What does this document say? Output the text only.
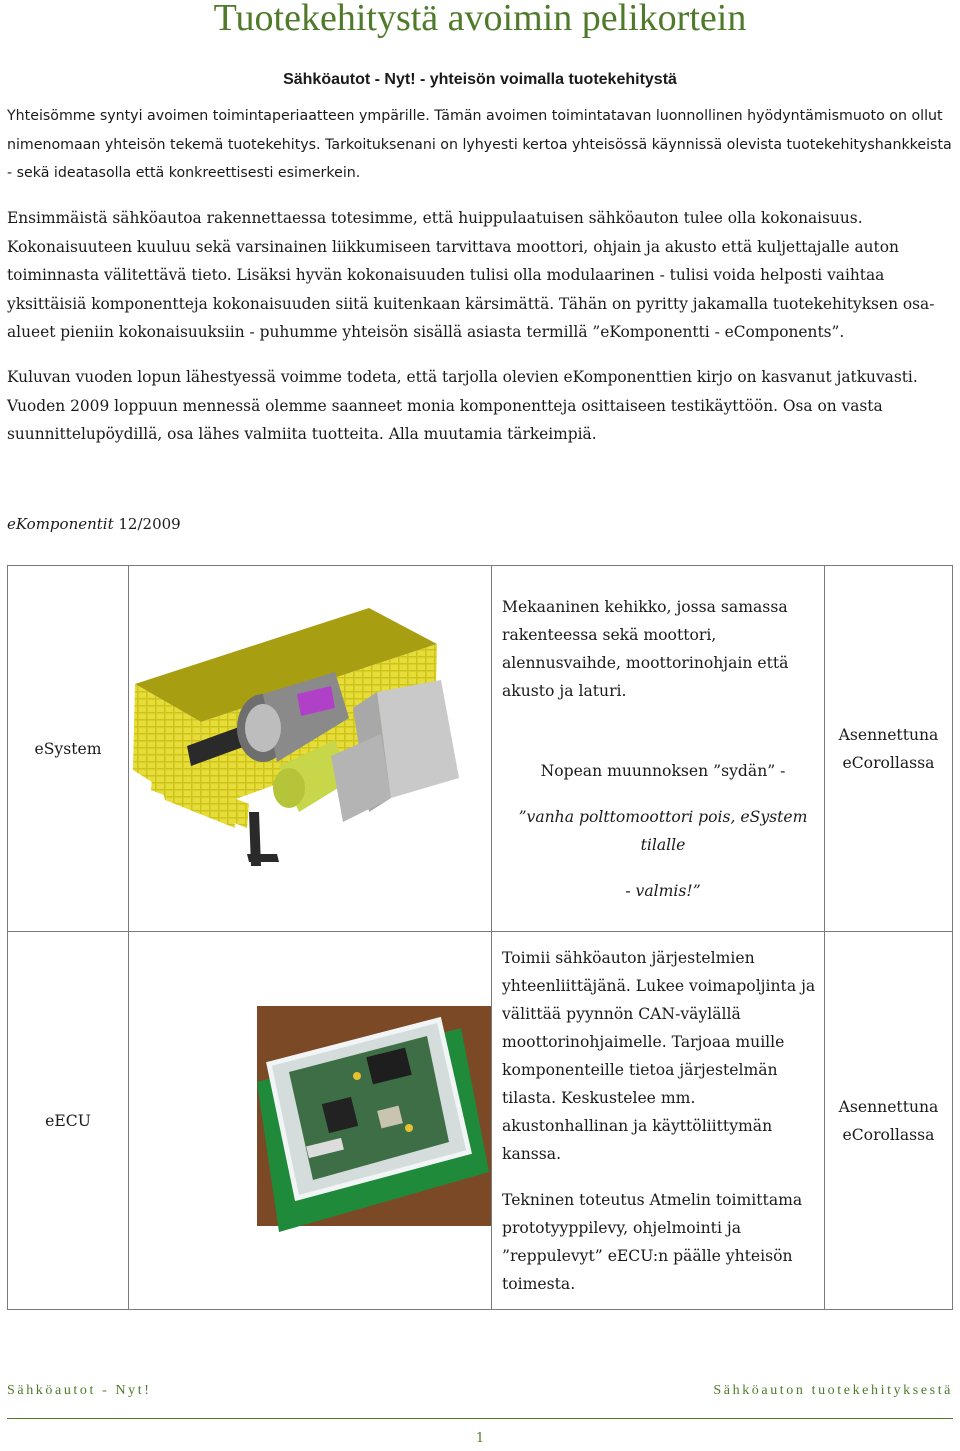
Tuotekehitystä avoimin pelikortein
Sähköautot - Nyt! - yhteisön voimalla tuotekehitystä

Yhteisömme syntyi avoimen toimintaperiaatteen ympärille. Tämän avoimen toimintatavan luonnollinen hyödyntämismuoto on ollut nimenomaan yhteisön tekemä tuotekehitys. Tarkoituksenani on lyhyesti kertoa yhteisössä käynnissä olevista tuotekehityshankkeista - sekä ideatasolla että konkreettisesti esimerkein.

Ensimmäistä sähköautoa rakennettaessa totesimme, että huippulaatuisen sähköauton tulee olla kokonaisuus. Kokonaisuuteen kuuluu sekä varsinainen liikkumiseen tarvittava moottori, ohjain ja akusto että kuljettajalle auton toiminnasta välitettävä tieto. Lisäksi hyvän kokonaisuuden tulisi olla modulaarinen - tulisi voida helposti vaihtaa yksittäisiä komponentteja kokonaisuuden siitä kuitenkaan kärsimättä. Tähän on pyritty jakamalla tuotekehityksen osa-alueet pieniin kokonaisuuksiin - puhumme yhteisön sisällä asiasta termillä ”eKomponentti - eComponents”.

Kuluvan vuoden lopun lähestyessä voimme todeta, että tarjolla olevien eKomponenttien kirjo on kasvanut jatkuvasti. Vuoden 2009 loppuun mennessä olemme saanneet monia komponentteja osittaiseen testikäyttöön. Osa on vasta suunnittelupöydillä, osa lähes valmiita tuotteita. Alla muutamia tärkeimpiä.

eKomponentit 12/2009
eSystem		Mekaaninen kehikko, jossa samassa rakenteessa sekä moottori, alennusvaihde, moottorinohjain että akusto ja laturi.

Nopean muunnoksen ”sydän” -

”vanha polttomoottori pois, eSystem tilalle

- valmis!”	Asennettuna eCorollassa
eECU		Toimii sähköauton järjestelmien yhteenliittäjänä. Lukee voimapoljinta ja välittää pyynnön CAN-väylällä moottorinohjaimelle. Tarjoaa muille komponenteille tietoa järjestelmän tilasta. Keskustelee mm. akustonhallinan ja käyttöliittymän kanssa.

Tekninen toteutus Atmelin toimittama prototyyppilevy, ohjelmointi ja ”reppulevyt” eECU:n päälle yhteisön toimesta.	Asennettuna eCorollassa
Sähköautot - Nyt!	Sähköauton tuotekehityksestä
1
